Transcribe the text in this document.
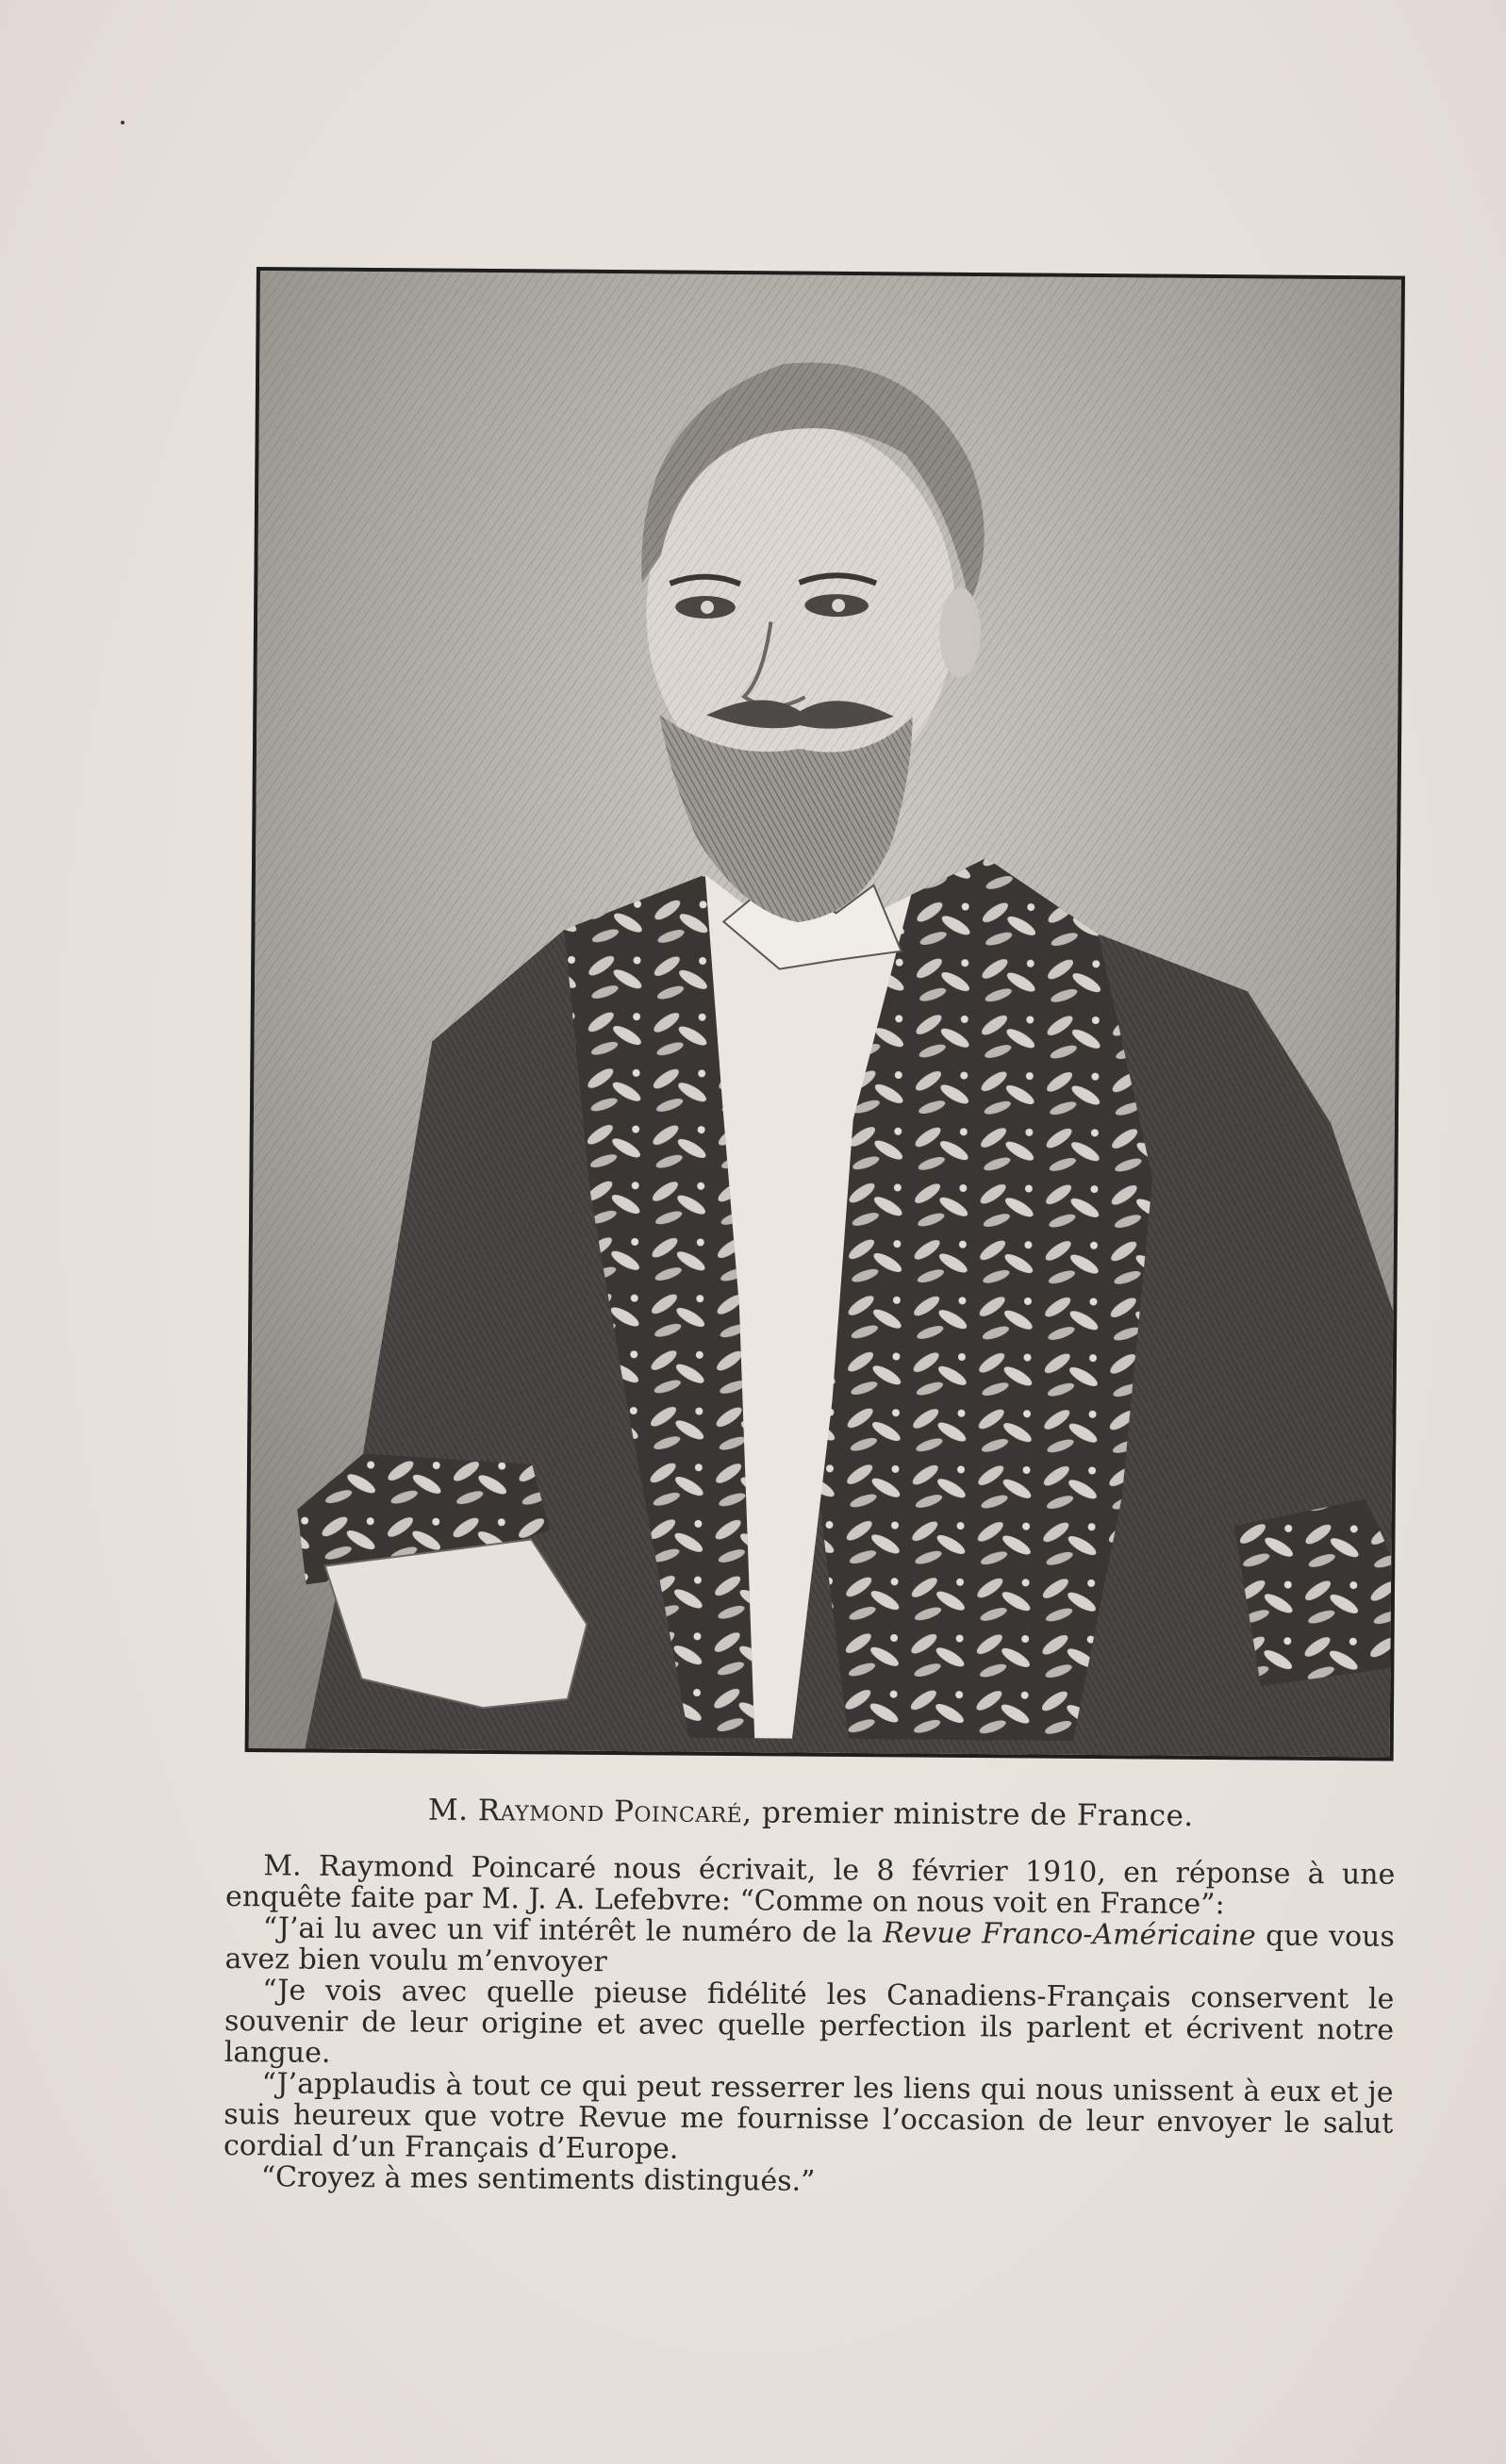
M. Raymond Poincaré, premier ministre de France.

M. Raymond Poincaré nous écrivait, le 8 février 1910, en réponse à une enquête faite par M. J. A. Lefebvre: “Comme on nous voit en France”:

“J’ai lu avec un vif intérêt le numéro de la Revue Franco-Américaine que vous avez bien voulu m’envoyer

“Je vois avec quelle pieuse fidélité les Canadiens-Français conservent le souvenir de leur origine et avec quelle perfection ils parlent et écrivent notre langue.

“J’applaudis à tout ce qui peut resserrer les liens qui nous unissent à eux et je suis heureux que votre Revue me fournisse l’occasion de leur envoyer le salut cordial d’un Français d’Europe.

“Croyez à mes sentiments distingués.”
